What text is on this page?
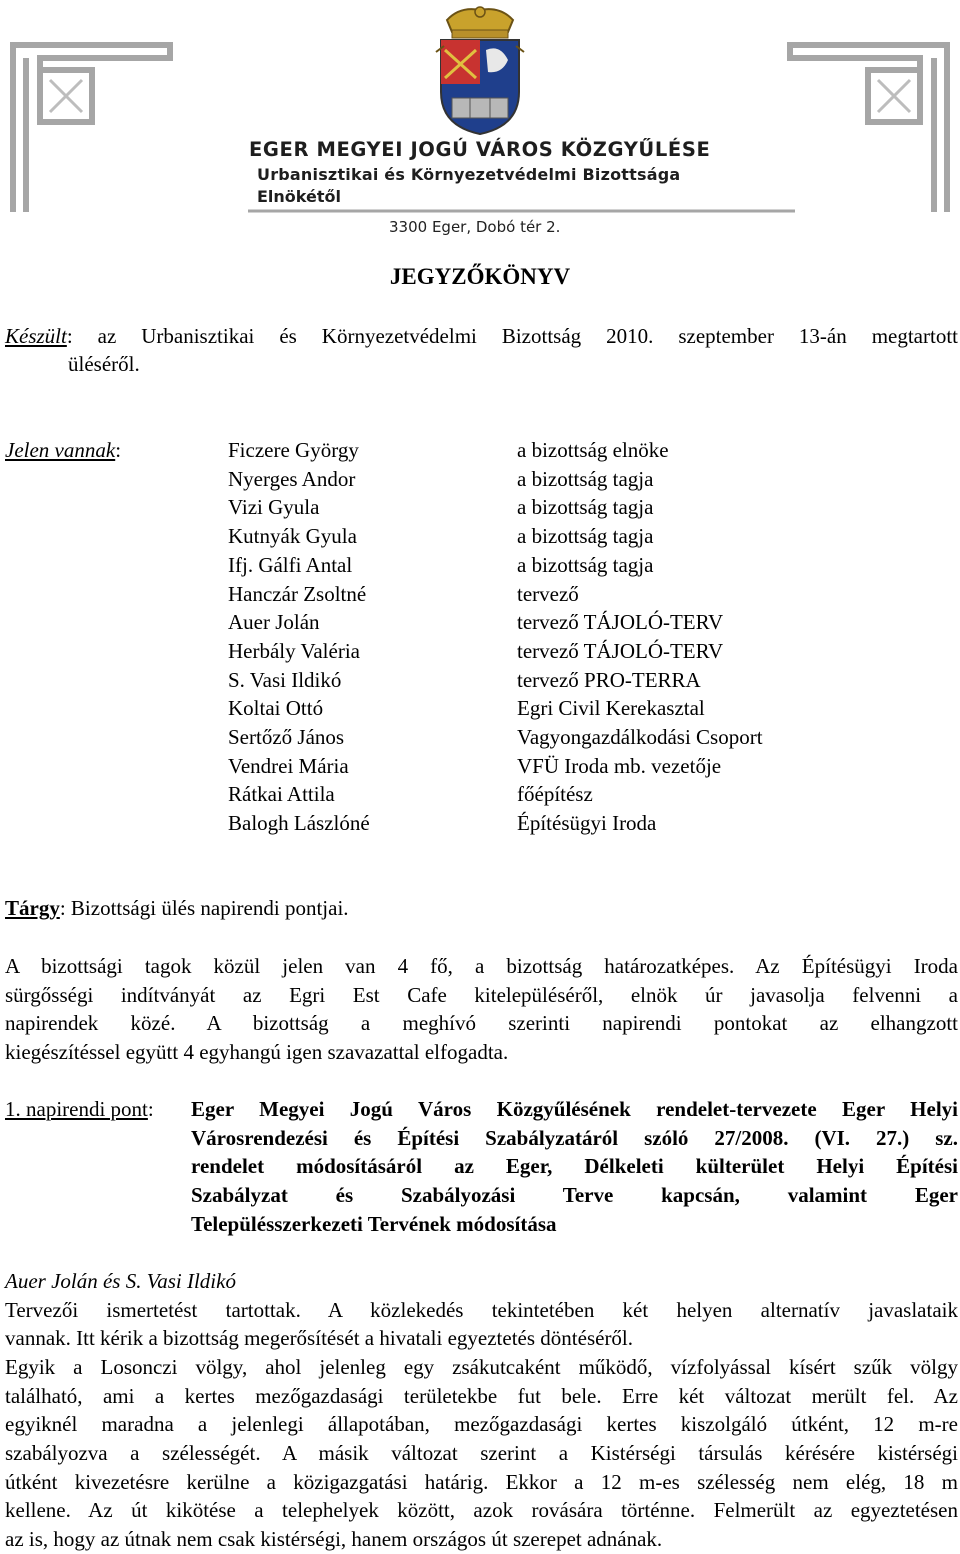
EGER MEGYEI JOGÚ VÁROS KÖZGYŰLÉSE
Urbanisztikai és Környezetvédelmi Bizottsága
Elnökétől
3300 Eger, Dobó tér 2.
JEGYZŐKÖNYV
Készült: az Urbanisztikai és Környezetvédelmi Bizottság 2010. szeptember 13-án megtartott
üléséről.
Jelen vannak:	Ficzere György	a bizottság elnöke
Nyerges Andor	a bizottság tagja
Vizi Gyula	a bizottság tagja
Kutnyák Gyula	a bizottság tagja
Ifj. Gálfi Antal	a bizottság tagja
Hanczár Zsoltné	tervező
Auer Jolán	tervező TÁJOLÓ-TERV
Herbály Valéria	tervező TÁJOLÓ-TERV
S. Vasi Ildikó	tervező PRO-TERRA
Koltai Ottó	Egri Civil Kerekasztal
Sertőző János	Vagyongazdálkodási Csoport
Vendrei Mária	VFÜ Iroda mb. vezetője
Rátkai Attila	főépítész
Balogh Lászlóné	Építésügyi Iroda
Tárgy: Bizottsági ülés napirendi pontjai.
A bizottsági tagok közül jelen van 4 fő, a bizottság határozatképes. Az Építésügyi Iroda
sürgősségi indítványát az Egri Est Cafe kitelepüléséről, elnök úr javasolja felvenni a
napirendek közé. A bizottság a meghívó szerinti napirendi pontokat az elhangzott
kiegészítéssel együtt 4 egyhangú igen szavazattal elfogadta.
1. napirendi pont: Eger Megyei Jogú Város Közgyűlésének rendelet-tervezete Eger Helyi
Városrendezési és Építési Szabályzatáról szóló 27/2008. (VI. 27.) sz.
rendelet módosításáról az Eger, Délkeleti külterület Helyi Építési
Szabályzat és Szabályozási Terve kapcsán, valamint Eger
Településszerkezeti Tervének módosítása
Auer Jolán és S. Vasi Ildikó
Tervezői ismertetést tartottak. A közlekedés tekintetében két helyen alternatív javaslataik
vannak. Itt kérik a bizottság megerősítését a hivatali egyeztetés döntéséről.
Egyik a Losonczi völgy, ahol jelenleg egy zsákutcaként működő, vízfolyással kísért szűk völgy
található, ami a kertes mezőgazdasági területekbe fut bele. Erre két változat merült fel. Az
egyiknél maradna a jelenlegi állapotában, mezőgazdasági kertes kiszolgáló útként, 12 m-re
szabályozva a szélességét. A másik változat szerint a Kistérségi társulás kérésére kistérségi
útként kivezetésre kerülne a közigazgatási határig. Ekkor a 12 m-es szélesség nem elég, 18 m
kellene. Az út kikötése a telephelyek között, azok rovására történne. Felmerült az egyeztetésen
az is, hogy az útnak nem csak kistérségi, hanem országos út szerepet adnának.
